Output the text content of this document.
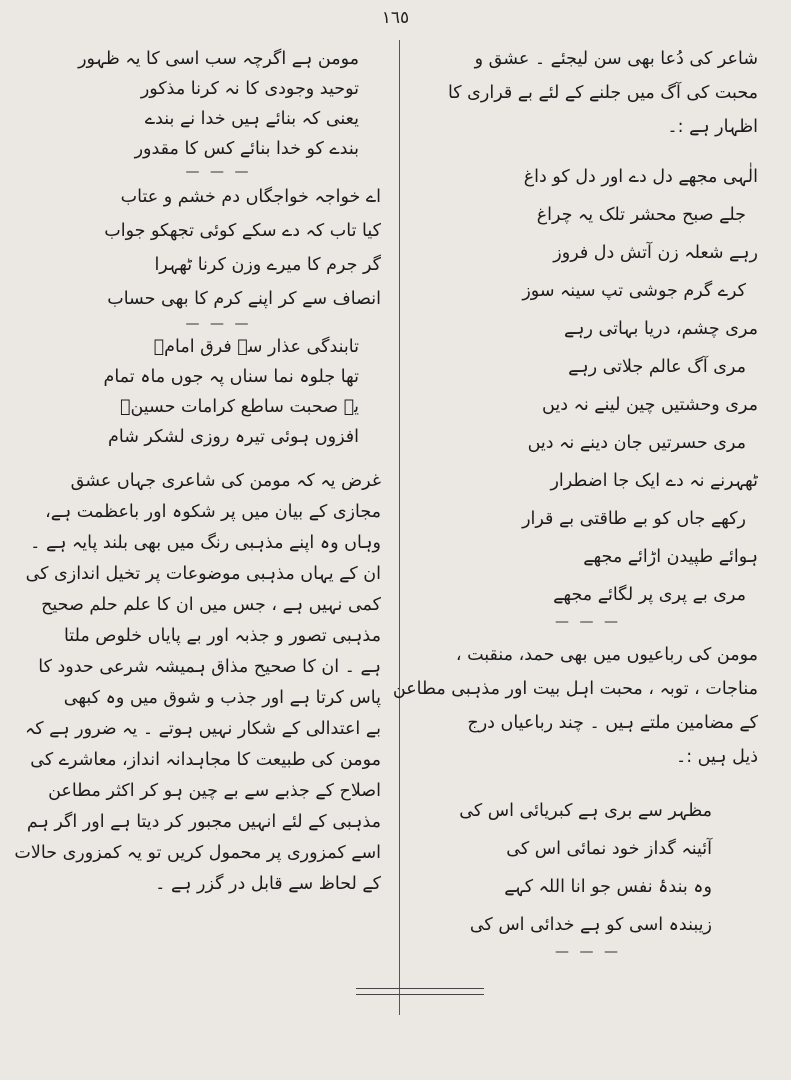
١٦٥
شاعر کی دُعا بھی سن لیجئے ۔ عشق و
محبت کی آگ میں جلنے کے لئے بے قراری کا
اظہار ہے :۔
الٰہی مجھے دل دے اور دل کو داغ
جلے صبح محشر تلک یہ چراغ
رہے شعلہ زن آتش دل فروز
کرے گرم جوشی تپ سینہ سوز
مری چشم، دریا بہاتی رہے
مری آگ عالم جلاتی رہے
مری وحشتیں چین لینے نہ دیں
مری حسرتیں جان دینے نہ دیں
ٹھہرنے نہ دے ایک جا اضطرار
رکھے جاں کو بے طاقتی بے قرار
ہوائے طپیدن اڑائے مجھے
مری بے پری پر لگائے مجھے
— — —
مومن کی رباعیوں میں بھی حمد، منقبت ،
مناجات ، توبہ ، محبت اہل بیت اور مذہبی مطاعن
کے مضامین ملتے ہیں ۔ چند رباعیاں درج
ذیل ہیں :۔
مظہر سے بری ہے کبریائی اس کی
آئینہ گداز خود نمائی اس کی
وہ بندۂ نفس جو انا اللہ کہے
زیبندہ اسی کو ہے خدائی اس کی
— — —
مومن ہے اگرچہ سب اسی کا یہ ظہور
توحید وجودی کا نہ کرنا مذکور
یعنی کہ بنائے ہیں خدا نے بندے
بندے کو خدا بنائے کس کا مقدور
— — —
اے خواجہ خواجگاں دم خشم و عتاب
کیا تاب کہ دے سکے کوئی تجھکو جواب
گر جرم کا میرے وزن کرنا ٹھہرا
انصاف سے کر اپنے کرم کا بھی حساب
— — —
تابندگی عذار سے فرق امامؓ
تھا جلوہ نما سناں پہ جوں ماہ تمام
یہ صحبت ساطع کرامات حسینؓ
افزوں ہوئی تیرہ روزی لشکر شام
غرض یہ کہ مومن کی شاعری جہاں عشق
مجازی کے بیان میں پر شکوہ اور باعظمت ہے،
وہاں وہ اپنے مذہبی رنگ میں بھی بلند پایہ ہے ۔
ان کے یہاں مذہبی موضوعات پر تخیل اندازی کی
کمی نہیں ہے ، جس میں ان کا علم حلم صحیح
مذہبی تصور و جذبہ اور بے پایاں خلوص ملتا
ہے ۔ ان کا صحیح مذاق ہمیشہ شرعی حدود کا
پاس کرتا ہے اور جذب و شوق میں وہ کبھی
بے اعتدالی کے شکار نہیں ہوتے ۔ یہ ضرور ہے کہ
مومن کی طبیعت کا مجاہدانہ انداز، معاشرے کی
اصلاح کے جذبے سے بے چین ہو کر اکثر مطاعن
مذہبی کے لئے انہیں مجبور کر دیتا ہے اور اگر ہم
اسے کمزوری پر محمول کریں تو یہ کمزوری حالات
کے لحاظ سے قابل در گزر ہے ۔
